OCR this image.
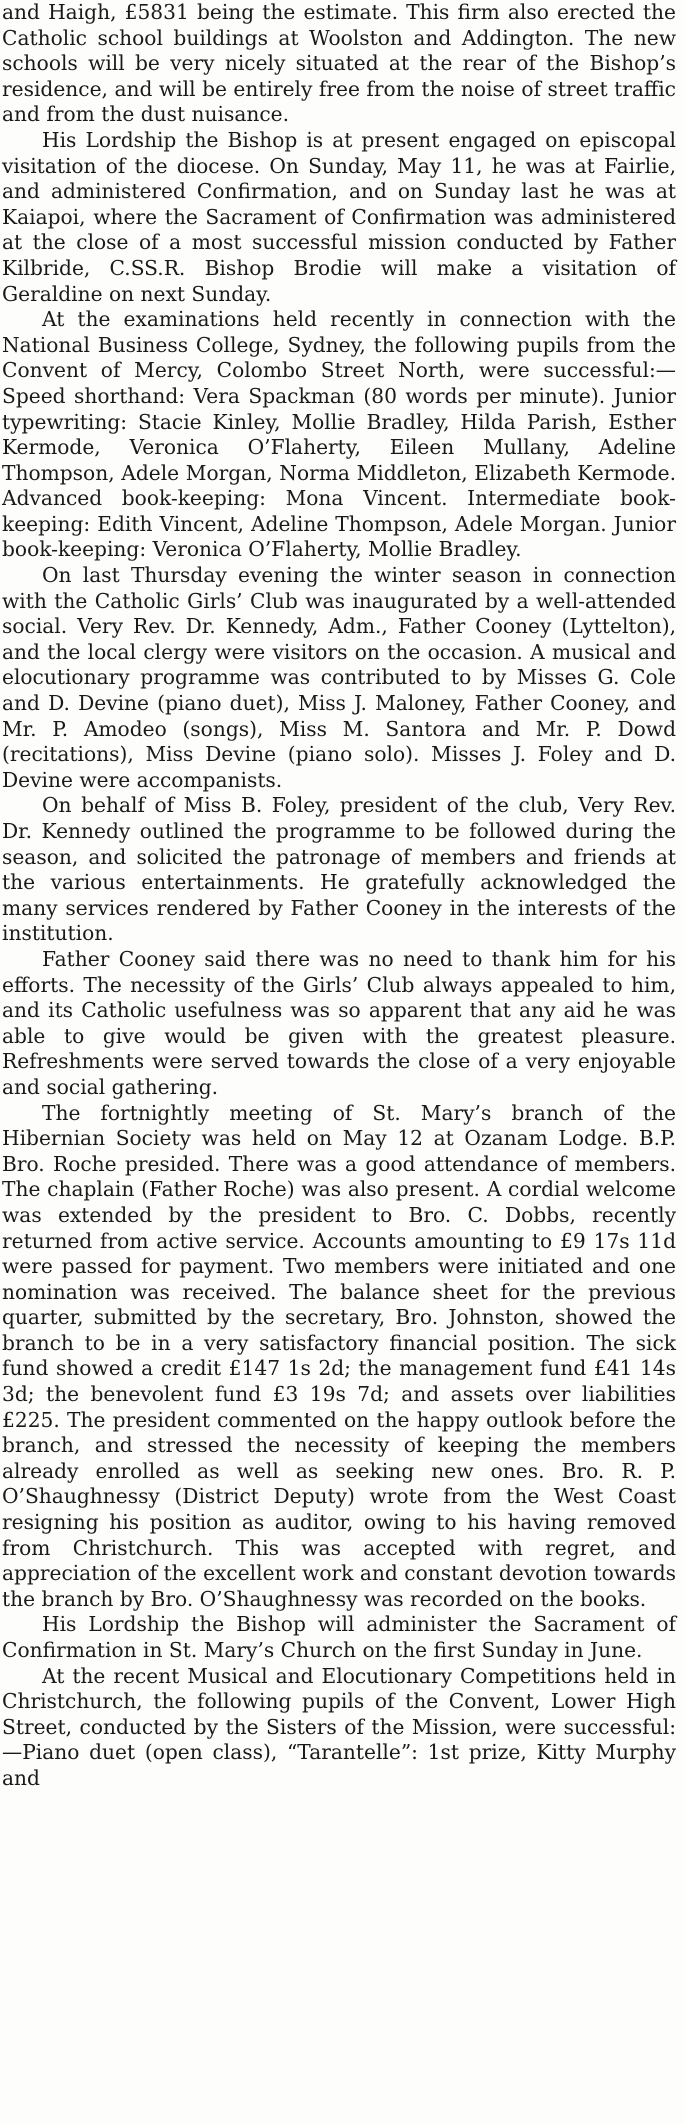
and Haigh, £5831 being the estimate. This firm also erected the Catholic school buildings at Woolston and Addington. The new schools will be very nicely situated at the rear of the Bishop’s residence, and will be entirely free from the noise of street traffic and from the dust nuisance.

His Lordship the Bishop is at present engaged on episcopal visitation of the diocese. On Sunday, May 11, he was at Fairlie, and administered Confirmation, and on Sunday last he was at Kaiapoi, where the Sacrament of Confirmation was administered at the close of a most successful mission conducted by Father Kilbride, C.SS.R. Bishop Brodie will make a visitation of Geraldine on next Sunday.

At the examinations held recently in connection with the National Business College, Sydney, the following pupils from the Convent of Mercy, Colombo Street North, were successful:—Speed shorthand: Vera Spackman (80 words per minute). Junior typewriting: Stacie Kinley, Mollie Bradley, Hilda Parish, Esther Kermode, Veronica O’Flaherty, Eileen Mullany, Adeline Thompson, Adele Morgan, Norma Middleton, Elizabeth Kermode. Advanced book-keeping: Mona Vincent. Intermediate book-keeping: Edith Vincent, Adeline Thompson, Adele Morgan. Junior book-keeping: Veronica O’Flaherty, Mollie Bradley.

On last Thursday evening the winter season in connection with the Catholic Girls’ Club was inaugurated by a well-attended social. Very Rev. Dr. Kennedy, Adm., Father Cooney (Lyttelton), and the local clergy were visitors on the occasion. A musical and elocutionary programme was contributed to by Misses G. Cole and D. Devine (piano duet), Miss J. Maloney, Father Cooney, and Mr. P. Amodeo (songs), Miss M. Santora and Mr. P. Dowd (recitations), Miss Devine (piano solo). Misses J. Foley and D. Devine were accompanists.

On behalf of Miss B. Foley, president of the club, Very Rev. Dr. Kennedy outlined the programme to be followed during the season, and solicited the patronage of members and friends at the various entertainments. He gratefully acknowledged the many services rendered by Father Cooney in the interests of the institution.

Father Cooney said there was no need to thank him for his efforts. The necessity of the Girls’ Club always appealed to him, and its Catholic usefulness was so apparent that any aid he was able to give would be given with the greatest pleasure. Refreshments were served towards the close of a very enjoyable and social gathering.

The fortnightly meeting of St. Mary’s branch of the Hibernian Society was held on May 12 at Ozanam Lodge. B.P. Bro. Roche presided. There was a good attendance of members. The chaplain (Father Roche) was also present. A cordial welcome was extended by the president to Bro. C. Dobbs, recently returned from active service. Accounts amounting to £9 17s 11d were passed for payment. Two members were initiated and one nomination was received. The balance sheet for the previous quarter, submitted by the secretary, Bro. Johnston, showed the branch to be in a very satisfactory financial position. The sick fund showed a credit £147 1s 2d; the management fund £41 14s 3d; the benevolent fund £3 19s 7d; and assets over liabilities £225. The president commented on the happy outlook before the branch, and stressed the necessity of keeping the members already enrolled as well as seeking new ones. Bro. R. P. O’Shaughnessy (District Deputy) wrote from the West Coast resigning his position as auditor, owing to his having removed from Christchurch. This was accepted with regret, and appreciation of the excellent work and constant devotion towards the branch by Bro. O’Shaughnessy was recorded on the books.

His Lordship the Bishop will administer the Sacrament of Confirmation in St. Mary’s Church on the first Sunday in June.

At the recent Musical and Elocutionary Competitions held in Christchurch, the following pupils of the Convent, Lower High Street, conducted by the Sisters of the Mission, were successful:—Piano duet (open class), “Tarantelle”: 1st prize, Kitty Murphy and
